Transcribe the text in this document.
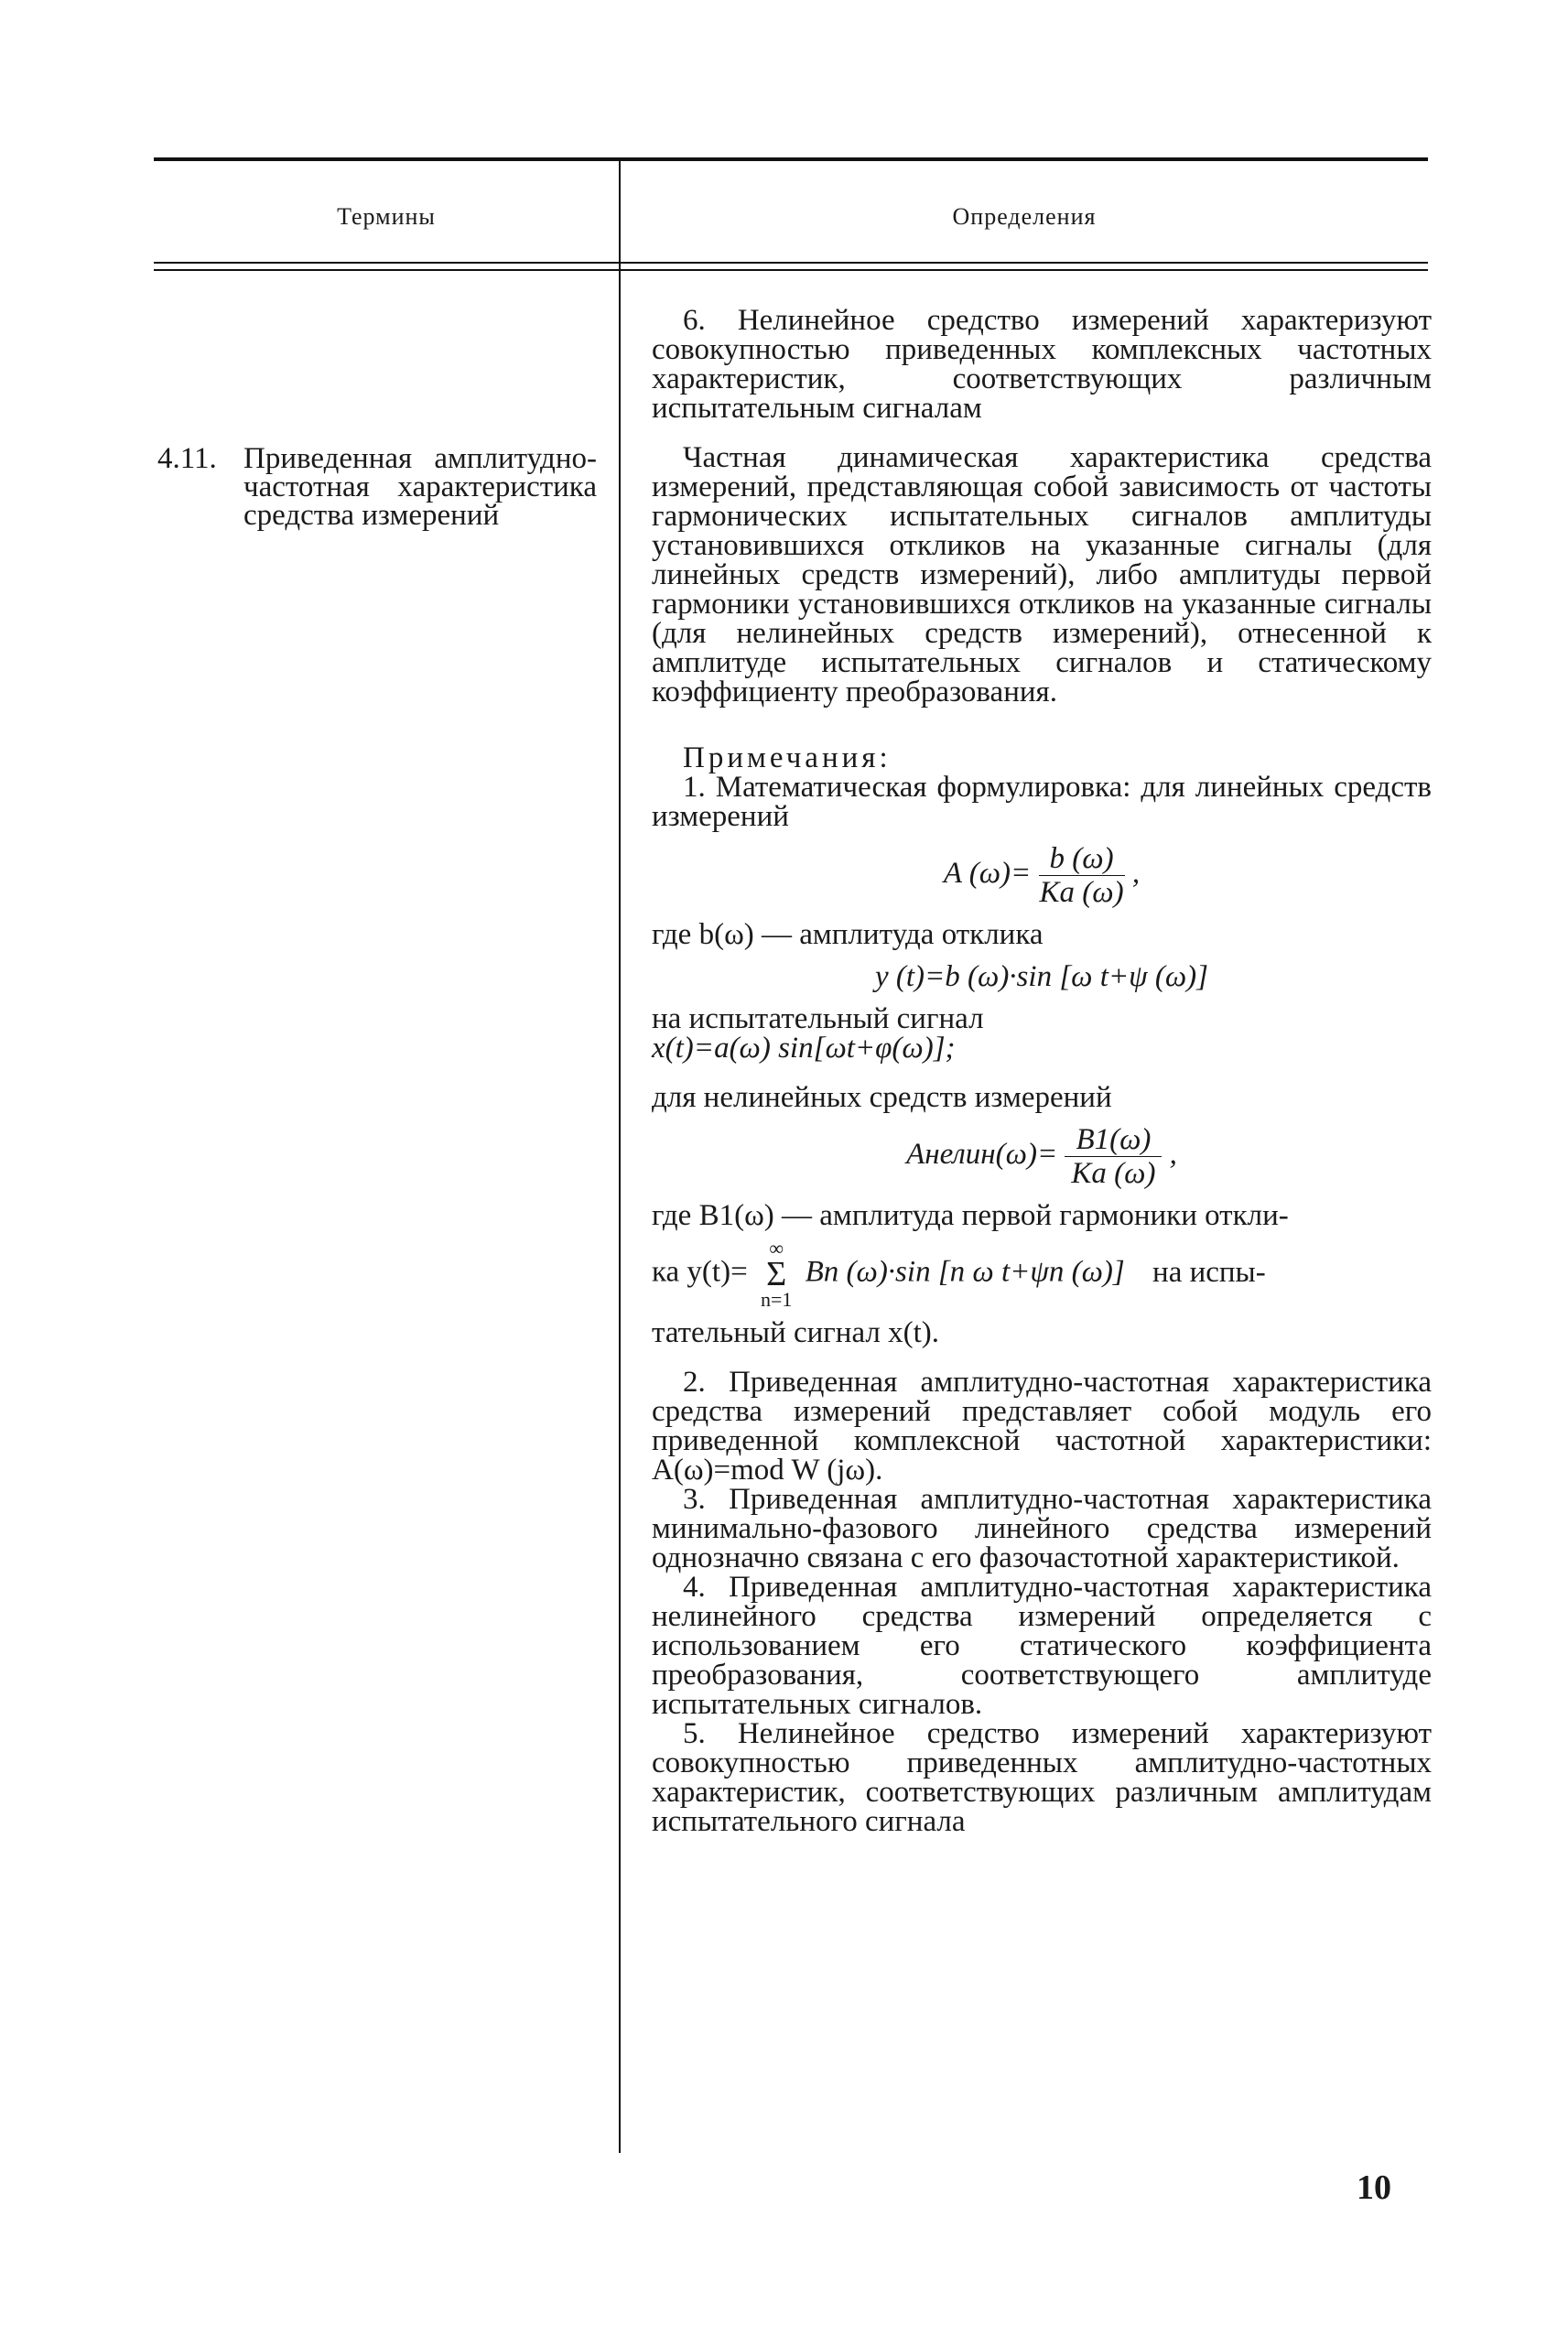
Термины	Определения
4.11. Приведенная амплитудно-частотная характеристика средства измерений

6. Нелинейное средство измерений характеризуют совокупностью приведенных комплексных частотных характеристик, соответствующих различным испытательным сигналам

Частная динамическая характеристика средства измерений, представляющая собой зависимость от частоты гармонических испытательных сигналов амплитуды установившихся откликов на указанные сигналы (для линейных средств измерений), либо амплитуды первой гармоники установившихся откликов на указанные сигналы (для нелинейных средств измерений), отнесенной к амплитуде испытательных сигналов и статическому коэффициенту преобразования.

Примечания:

1. Математическая формулировка: для линейных средств измерений

A $(\omega)= \frac{b (\omega)}{Ka (\omega)}$ ,

где b(ω) — амплитуда отклика

y (t)=b (ω)·sin [ω t+ψ (ω)]

на испытательный сигнал

x(t)=a(ω) sin[ωt+φ(ω)];

для нелинейных средств измерений

Aнелин(ω)= $\frac{B1(\omega)}{Ka (\omega)}$ ,

где B1(ω) — амплитуда первой гармоники откли-

ка y(t)=
∞
Σ
n=1
Bn (ω)·sin [n ω t+ψn (ω)] на испы-

тательный сигнал x(t).

2. Приведенная амплитудно-частотная характеристика средства измерений представляет собой модуль его приведенной комплексной частотной характеристики: A(ω)=mod W (jω).

3. Приведенная амплитудно-частотная характеристика минимально-фазового линейного средства измерений однозначно связана с его фазочастотной характеристикой.

4. Приведенная амплитудно-частотная характеристика нелинейного средства измерений определяется с использованием его статического коэффициента преобразования, соответствующего амплитуде испытательных сигналов.

5. Нелинейное средство измерений характеризуют совокупностью приведенных амплитудно-частотных характеристик, соответствующих различным амплитудам испытательного сигнала

10
